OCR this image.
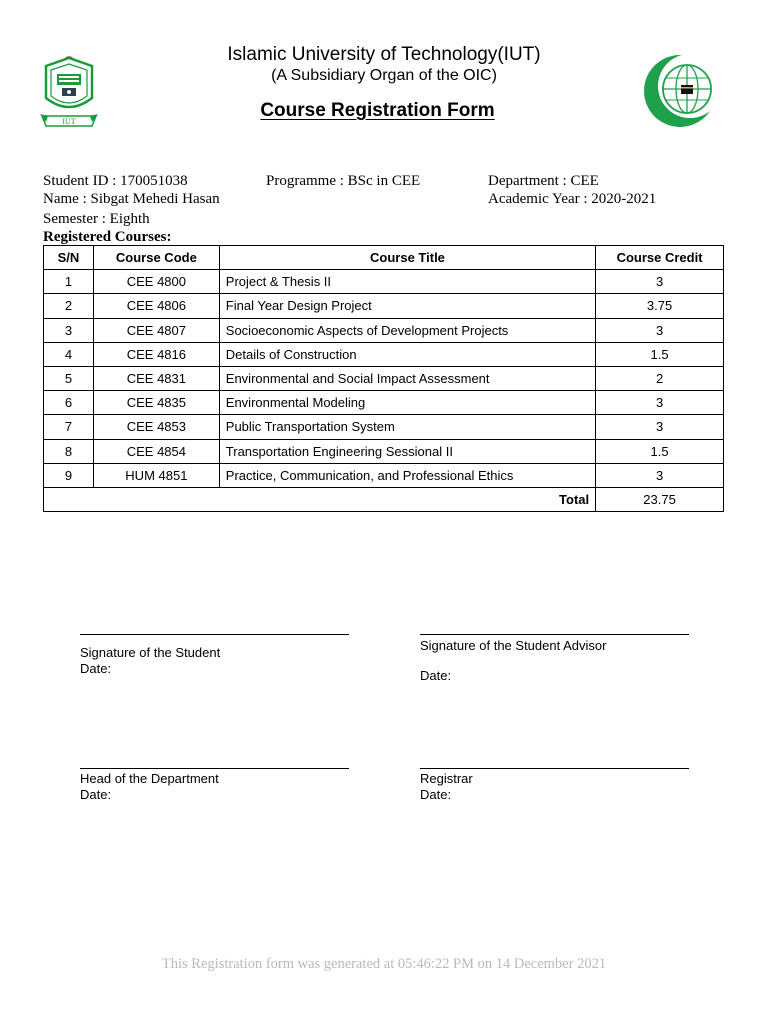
IUT
Islamic University of Technology(IUT)
(A Subsidiary Organ of the OIC)
Course Registration Form
Student ID : 170051038	Programme : BSc in CEE	Department : CEE
Name : Sibgat Mehedi Hasan	Academic Year : 2020-2021
Semester : Eighth
Registered Courses:
S/N	Course Code	Course Title	Course Credit
1	CEE 4800	Project & Thesis II	3
2	CEE 4806	Final Year Design Project	3.75
3	CEE 4807	Socioeconomic Aspects of Development Projects	3
4	CEE 4816	Details of Construction	1.5
5	CEE 4831	Environmental and Social Impact Assessment	2
6	CEE 4835	Environmental Modeling	3
7	CEE 4853	Public Transportation System	3
8	CEE 4854	Transportation Engineering Sessional II	1.5
9	HUM 4851	Practice, Communication, and Professional Ethics	3
Total			23.75
Signature of the Student
Date:
Signature of the Student Advisor
Date:
Head of the Department
Date:
Registrar
Date:
This Registration form was generated at 05:46:22 PM on 14 December 2021
